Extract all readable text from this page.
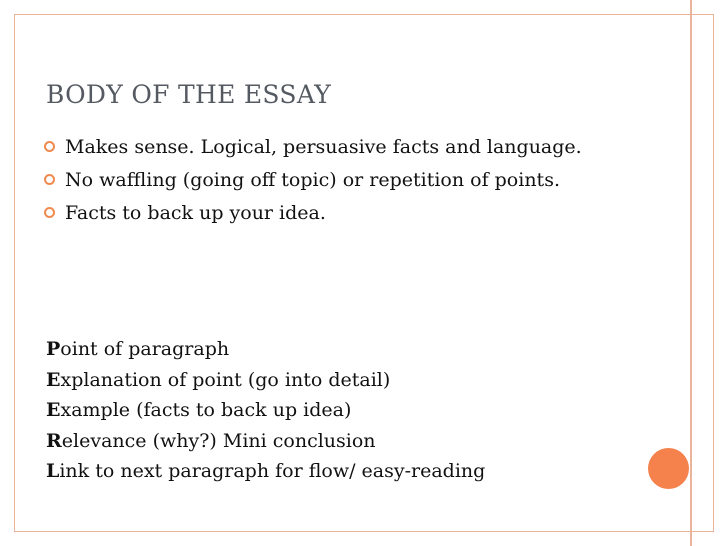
BODY OF THE ESSAY
Makes sense. Logical, persuasive facts and language.
No waffling (going off topic) or repetition of points.
Facts to back up your idea.
Point of paragraph
Explanation of point (go into detail)
Example (facts to back up idea)
Relevance (why?) Mini conclusion
Link to next paragraph for flow/ easy-reading
